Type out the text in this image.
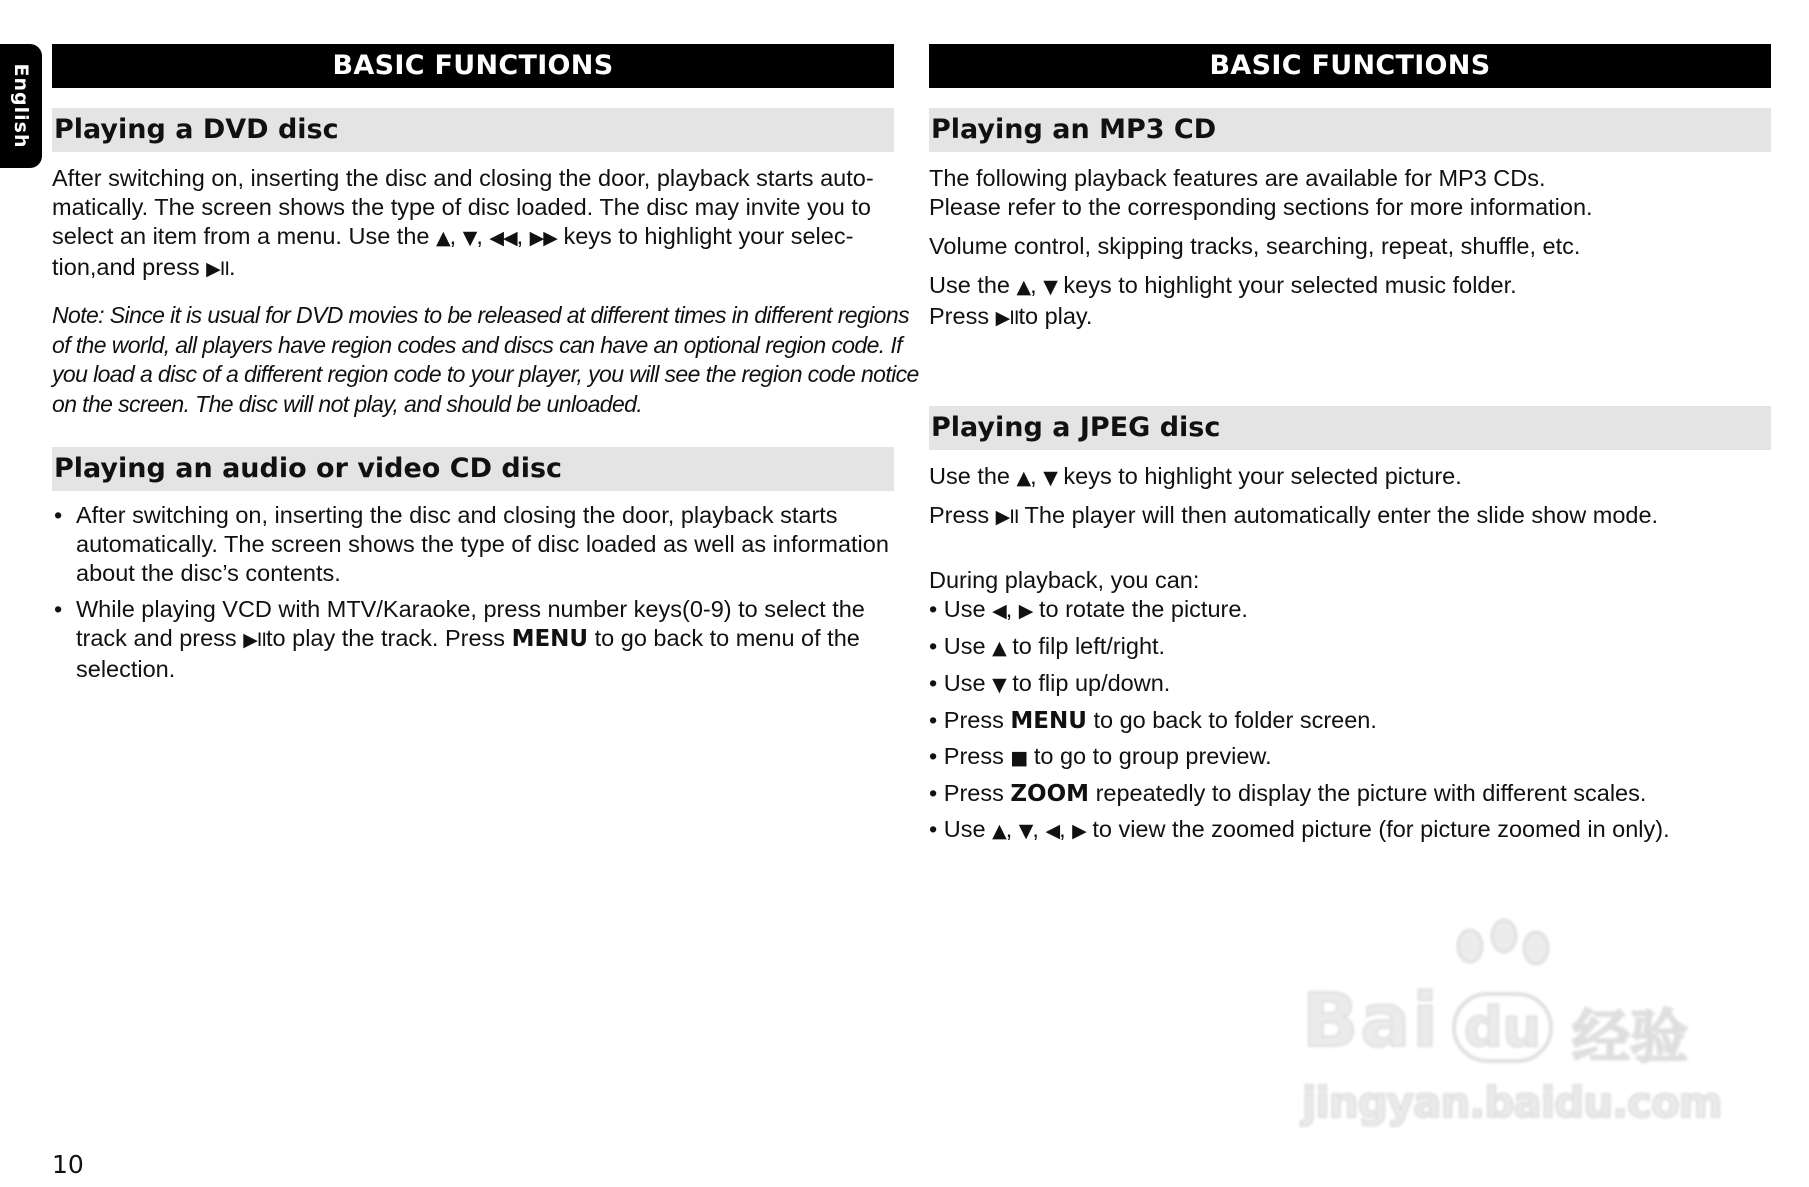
English	BASIC FUNCTIONS
Playing a DVD disc

After switching on, inserting the disc and closing the door, playback starts auto-

matically. The screen shows the type of disc loaded. The disc may invite you to

select an item from a menu. Use the ▲, ▼, ◀◀, ▶▶ keys to highlight your selec-

tion,and press ▶II.

Note: Since it is usual for DVD movies to be released at different times in different regions
of the world, all players have region codes and discs can have an optional region code. If
you load a disc of a different region code to your player, you will see the region code notice
on the screen. The disc will not play, and should be unloaded.
Playing an audio or video CD disc
• After switching on, inserting the disc and closing the door, playback starts
automatically. The screen shows the type of disc loaded as well as information
about the disc’s contents.
• While playing VCD with MTV/Karaoke, press number keys(0-9) to select the
track and press ▶IIto play the track. Press MENU to go back to menu of the
selection.
BASIC FUNCTIONS
Playing an MP3 CD

The following playback features are available for MP3 CDs.

Please refer to the corresponding sections for more information.

Volume control, skipping tracks, searching, repeat, shuffle, etc.

Use the ▲, ▼ keys to highlight your selected music folder.

Press ▶IIto play.

Playing a JPEG disc

Use the ▲, ▼ keys to highlight your selected picture.

Press ▶II The player will then automatically enter the slide show mode.

During playback, you can:

• Use ◀, ▶ to rotate the picture.
• Use ▲ to filp left/right.
• Use ▼ to flip up/down.
• Press MENU to go back to folder screen.
• Press ■ to go to group preview.
• Press ZOOM repeatedly to display the picture with different scales.
• Use ▲, ▼, ◀, ▶ to view the zoomed picture (for picture zoomed in only).
Bai du 经验
jingyan.baidu.com
10
